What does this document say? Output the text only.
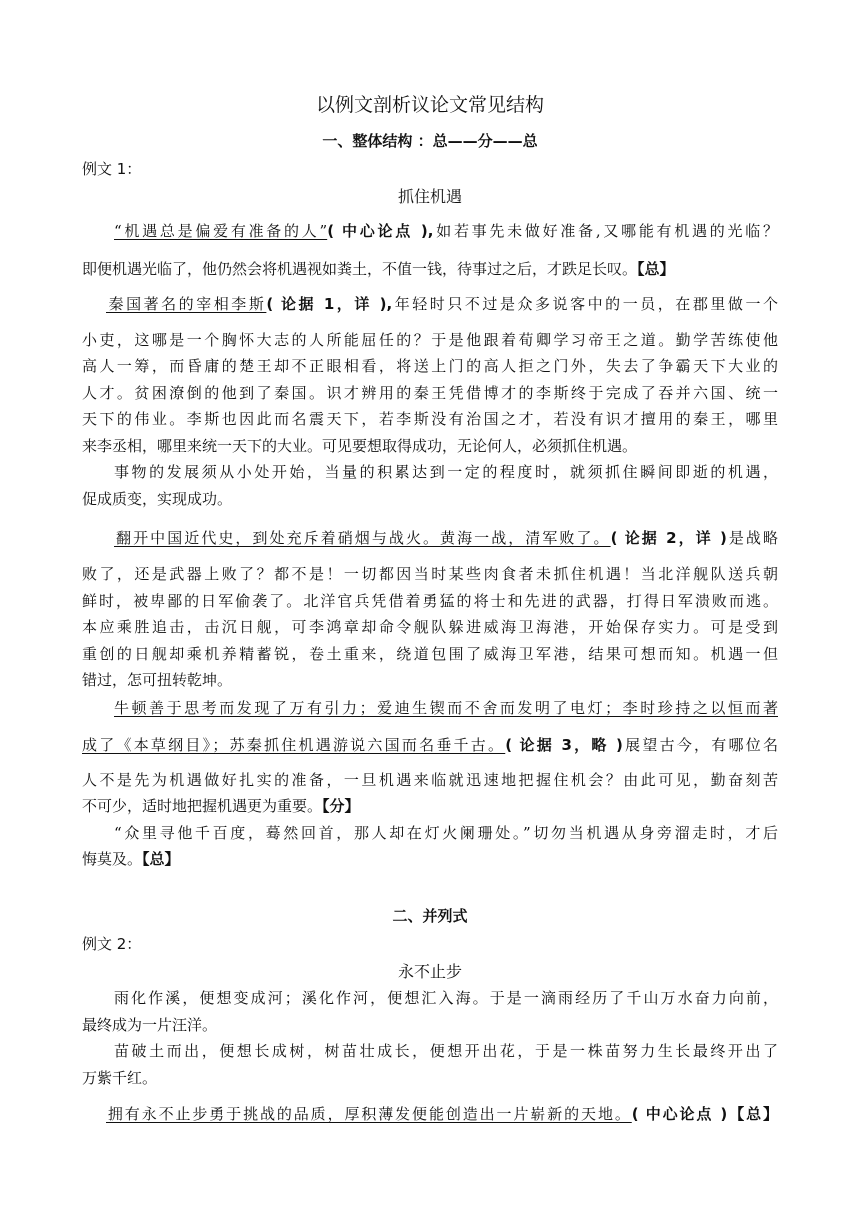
以例文剖析议论文常见结构
一、整体结构 ：总——分——总
例文 1：
抓住机遇
“机遇总是偏爱有准备的人”( 中心论点 ),如若事先未做好准备,又哪能有机遇的光临？
即便机遇光临了，他仍然会将机遇视如粪土，不值一钱，待事过之后，才跌足长叹。【总】
秦国著名的宰相李斯( 论据 1，详 ),年轻时只不过是众多说客中的一员，在郡里做一个
小吏，这哪是一个胸怀大志的人所能屈任的？于是他跟着荀卿学习帝王之道。勤学苦练使他
高人一筹，而昏庸的楚王却不正眼相看，将送上门的高人拒之门外，失去了争霸天下大业的
人才。贫困潦倒的他到了秦国。识才辨用的秦王凭借博才的李斯终于完成了吞并六国、统一
天下的伟业。李斯也因此而名震天下，若李斯没有治国之才，若没有识才擅用的秦王，哪里
来李丞相，哪里来统一天下的大业。可见要想取得成功，无论何人，必须抓住机遇。
事物的发展须从小处开始，当量的积累达到一定的程度时，就须抓住瞬间即逝的机遇，
促成质变，实现成功。
翻开中国近代史，到处充斥着硝烟与战火。黄海一战，清军败了。( 论据 2，详 )是战略
败了，还是武器上败了？都不是！一切都因当时某些肉食者未抓住机遇！当北洋舰队送兵朝
鲜时，被卑鄙的日军偷袭了。北洋官兵凭借着勇猛的将士和先进的武器，打得日军溃败而逃。
本应乘胜追击，击沉日舰，可李鸿章却命令舰队躲进威海卫海港，开始保存实力。可是受到
重创的日舰却乘机养精蓄锐，卷土重来，绕道包围了威海卫军港，结果可想而知。机遇一但
错过，怎可扭转乾坤。
牛顿善于思考而发现了万有引力；爱迪生锲而不舍而发明了电灯；李时珍持之以恒而著
成了《本草纲目》；苏秦抓住机遇游说六国而名垂千古。( 论据 3，略 )展望古今，有哪位名
人不是先为机遇做好扎实的准备，一旦机遇来临就迅速地把握住机会？由此可见，勤奋刻苦
不可少，适时地把握机遇更为重要。【分】
“众里寻他千百度，蓦然回首，那人却在灯火阑珊处。”切勿当机遇从身旁溜走时，才后
悔莫及。【总】
二、并列式
例文 2：
永不止步
雨化作溪，便想变成河；溪化作河，便想汇入海。于是一滴雨经历了千山万水奋力向前，
最终成为一片汪洋。
苗破土而出，便想长成树，树苗壮成长，便想开出花，于是一株苗努力生长最终开出了
万紫千红。
拥有永不止步勇于挑战的品质，厚积薄发便能创造出一片崭新的天地。( 中心论点 )【总】
